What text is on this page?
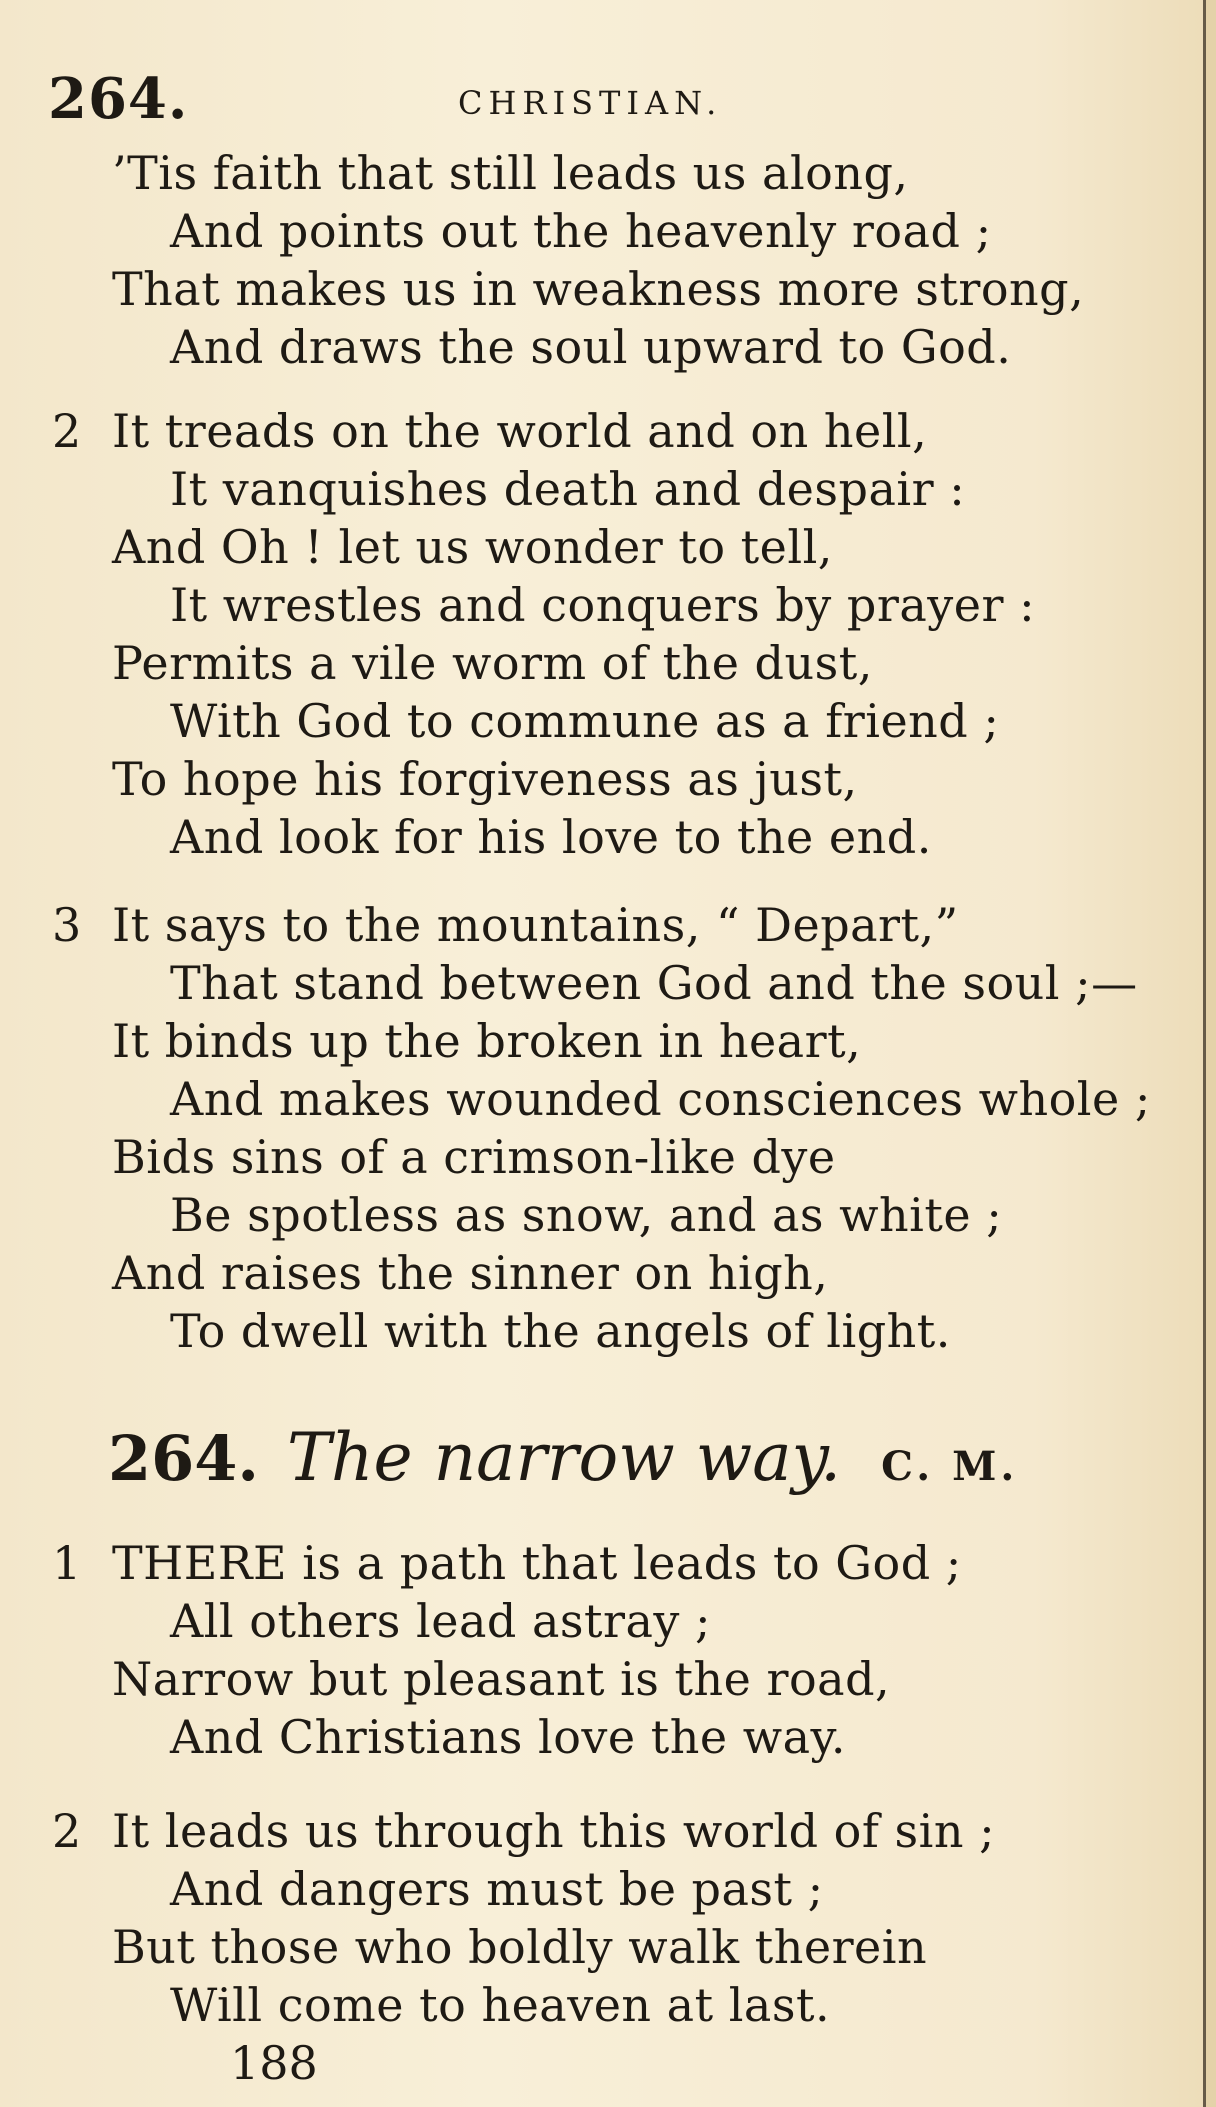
264.	CHRISTIAN.
’Tis faith that still leads us along,
And points out the heavenly road ;
That makes us in weakness more strong,
And draws the soul upward to God.
2 It treads on the world and on hell,
It vanquishes death and despair :
And Oh ! let us wonder to tell,
It wrestles and conquers by prayer :
Permits a vile worm of the dust,
With God to commune as a friend ;
To hope his forgiveness as just,
And look for his love to the end.
3 It says to the mountains, “ Depart,”
That stand between God and the soul ;—
It binds up the broken in heart,
And makes wounded consciences whole ;
Bids sins of a crimson-like dye
Be spotless as snow, and as white ;
And raises the sinner on high,
To dwell with the angels of light.
264. The narrow way. C. M.
1 THERE is a path that leads to God ;
All others lead astray ;
Narrow but pleasant is the road,
And Christians love the way.
2 It leads us through this world of sin ;
And dangers must be past ;
But those who boldly walk therein
Will come to heaven at last.
188
